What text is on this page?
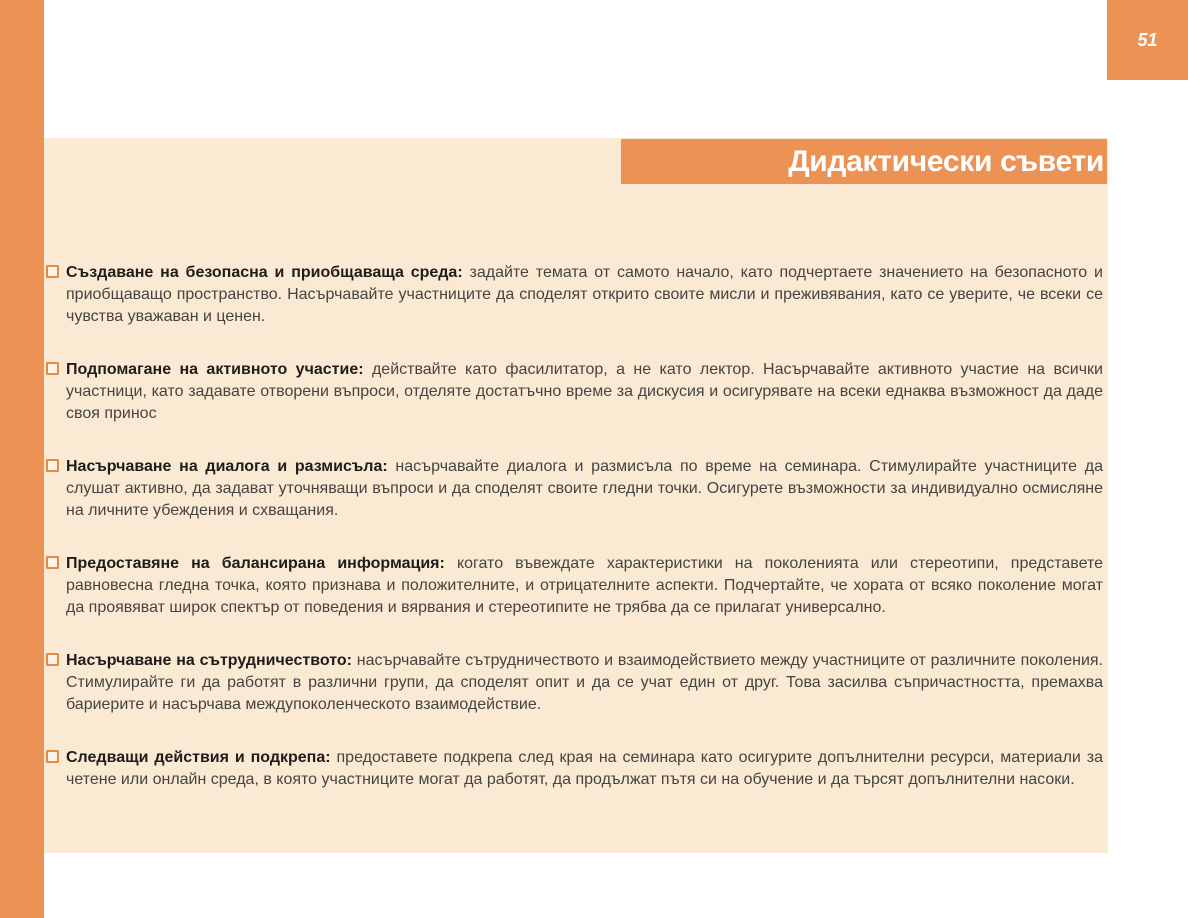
51

Създаване на безопасна и приобщаваща среда: задайте темата от самото начало, като подчертаете значението на безопасното и приобщаващо пространство. Насърчавайте участниците да споделят открито своите мисли и преживявания, като се уверите, че всеки се чувства уважаван и ценен.

Подпомагане на активното участие: действайте като фасилитатор, а не като лектор. Насърчавайте активното участие на всички участници, като задавате отворени въпроси, отделяте достатъчно време за дискусия и осигурявате на всеки еднаква възможност да даде своя принос

Насърчаване на диалога и размисъла: насърчавайте диалога и размисъла по време на семинара. Стимулирайте участниците да слушат активно, да задават уточняващи въпроси и да споделят своите гледни точки. Осигурете възможности за индивидуално осмисляне на личните убеждения и схващания.

Предоставяне на балансирана информация: когато въвеждате характеристики на поколенията или стереотипи, представете равновесна гледна точка, която признава и положителните, и отрицателните аспекти. Подчертайте, че хората от всяко поколение могат да проявяват широк спектър от поведения и вярвания и стереотипите не трябва да се прилагат универсално.

Насърчаване на сътрудничеството: насърчавайте сътрудничеството и взаимодействието между участниците от различните поколения. Стимулирайте ги да работят в различни групи, да споделят опит и да се учат един от друг. Това засилва съпричастността, премахва бариерите и насърчава междупоколенческото взаимодействие.

Следващи действия и подкрепа: предоставете подкрепа след края на семинара като осигурите допълнителни ресурси, материали за четене или онлайн среда, в която участниците могат да работят, да продължат пътя си на обучение и да търсят допълнителни насоки.

Дидактически съвети
